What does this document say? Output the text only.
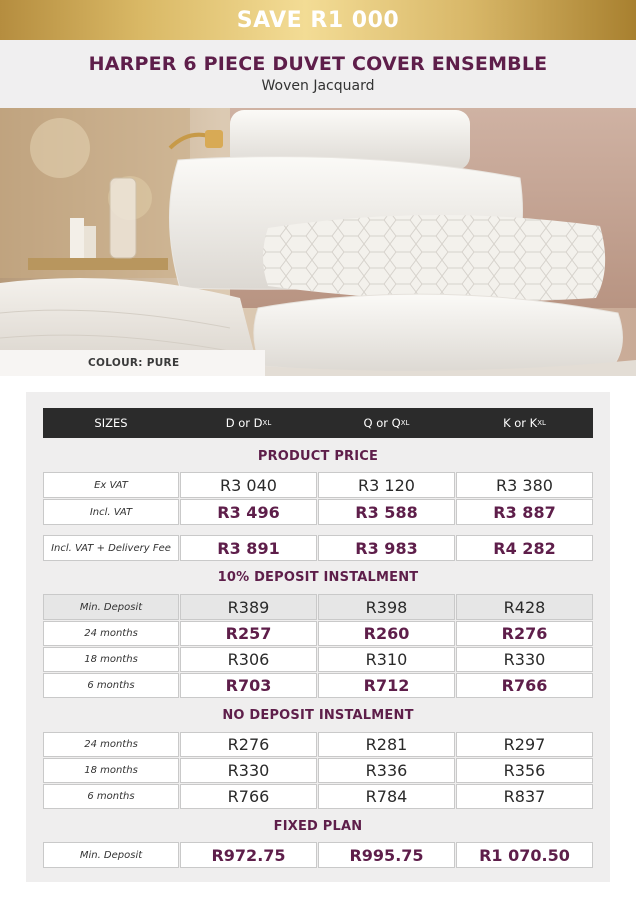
SAVE R1 000
HARPER 6 PIECE DUVET COVER ENSEMBLE
Woven Jacquard
COLOUR: PURE
SIZES	D or D XL	Q or Q XL	K or K XL
PRODUCT PRICE
Ex VAT	R3 040	R3 120	R3 380
Incl. VAT	R3 496	R3 588	R3 887
Incl. VAT + Delivery Fee	R3 891	R3 983	R4 282
10% DEPOSIT INSTALMENT
Min. Deposit	R389	R398	R428
24 months	R257	R260	R276
18 months	R306	R310	R330
6 months	R703	R712	R766
NO DEPOSIT INSTALMENT
24 months	R276	R281	R297
18 months	R330	R336	R356
6 months	R766	R784	R837
FIXED PLAN
Min. Deposit	R972.75	R995.75	R1 070.50
